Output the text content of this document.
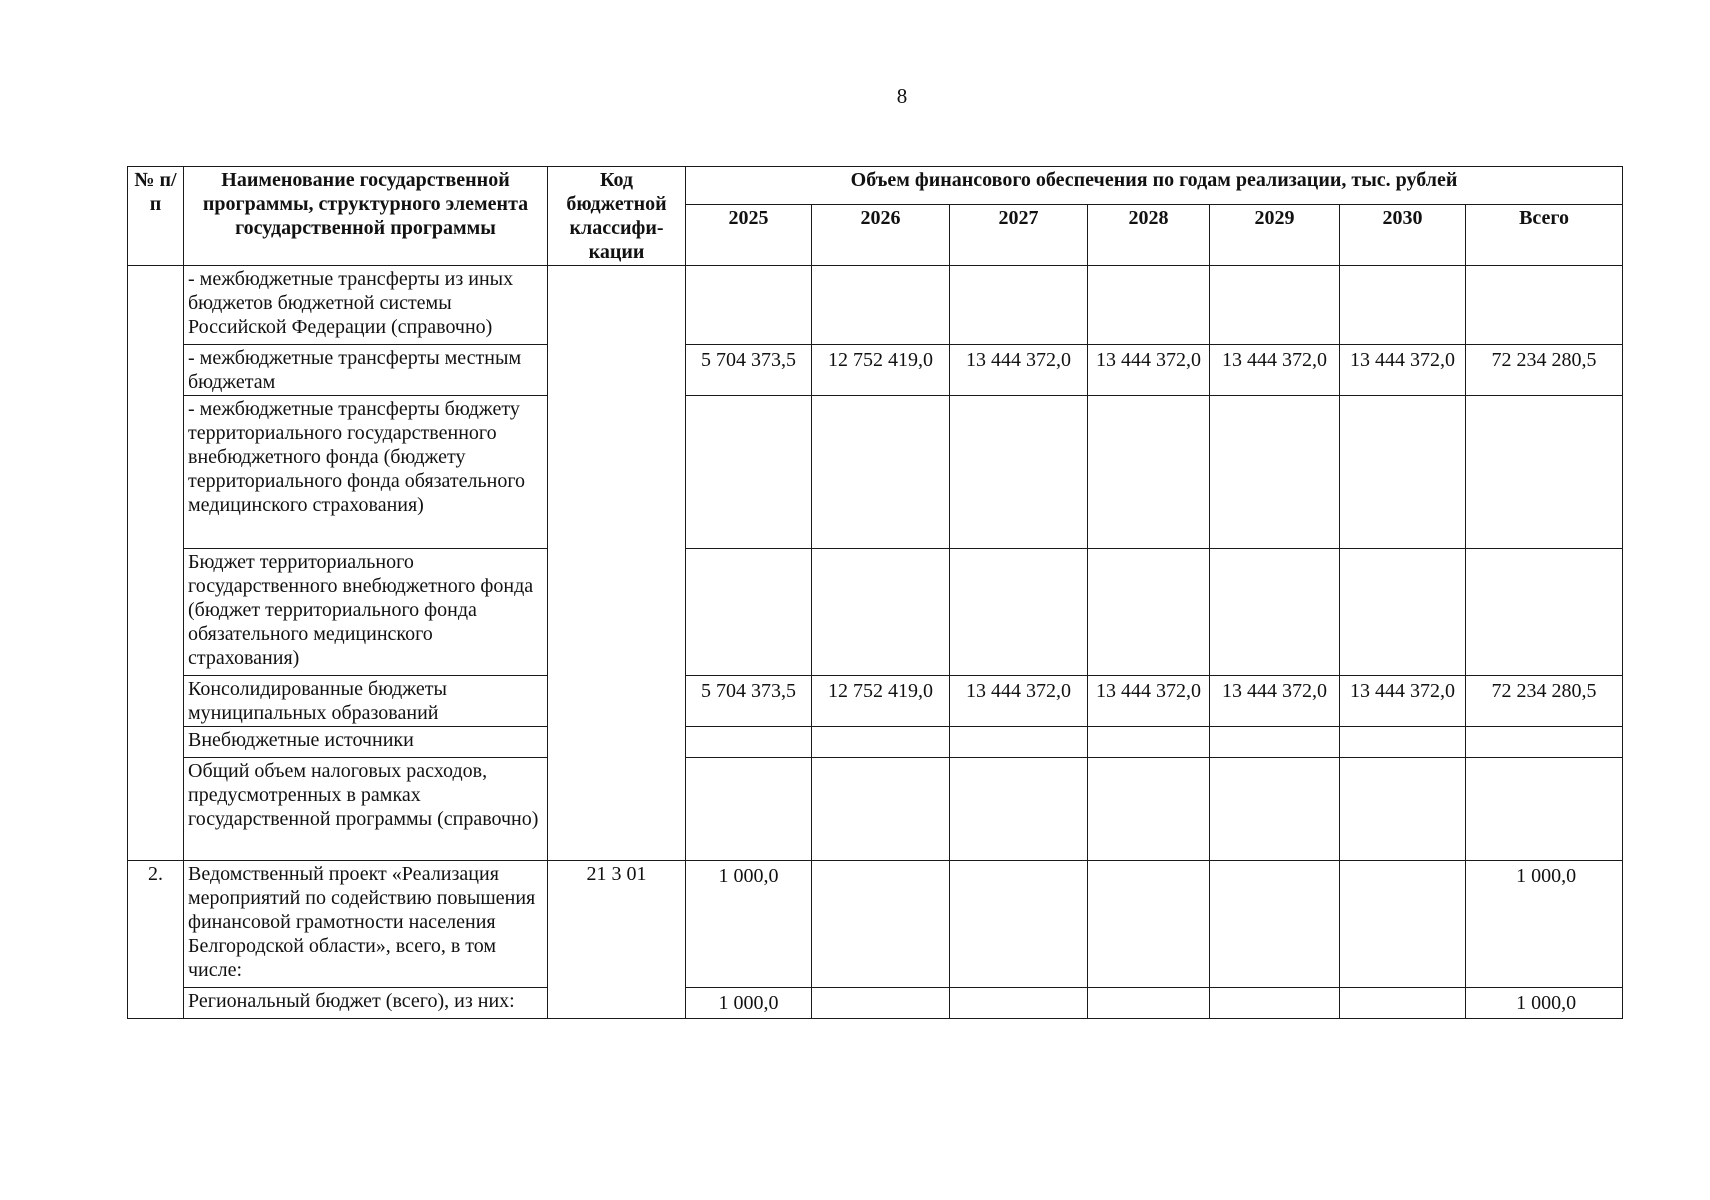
8
№ п/п	Наименование государственной программы, структурного элемента государственной программы	Код бюджетной классифи-кации	Объем финансового обеспечения по годам реализации, тыс. рублей						
			2025	2026	2027	2028	2029	2030	Всего
	- межбюджетные трансферты из иных бюджетов бюджетной системы Российской Федерации (справочно)								
	- межбюджетные трансферты местным бюджетам		5 704 373,5	12 752 419,0	13 444 372,0	13 444 372,0	13 444 372,0	13 444 372,0	72 234 280,5
	- межбюджетные трансферты бюджету территориального государственного внебюджетного фонда (бюджету территориального фонда обязательного медицинского страхования)								
	Бюджет территориального государственного внебюджетного фонда (бюджет территориального фонда обязательного медицинского страхования)								
	Консолидированные бюджеты муниципальных образований		5 704 373,5	12 752 419,0	13 444 372,0	13 444 372,0	13 444 372,0	13 444 372,0	72 234 280,5
	Внебюджетные источники								
	Общий объем налоговых расходов, предусмотренных в рамках государственной программы (справочно)								
2.	Ведомственный проект «Реализация мероприятий по содействию повышения финансовой грамотности населения Белгородской области», всего, в том числе:	21 3 01	1 000,0						1 000,0
	Региональный бюджет (всего), из них:		1 000,0						1 000,0
